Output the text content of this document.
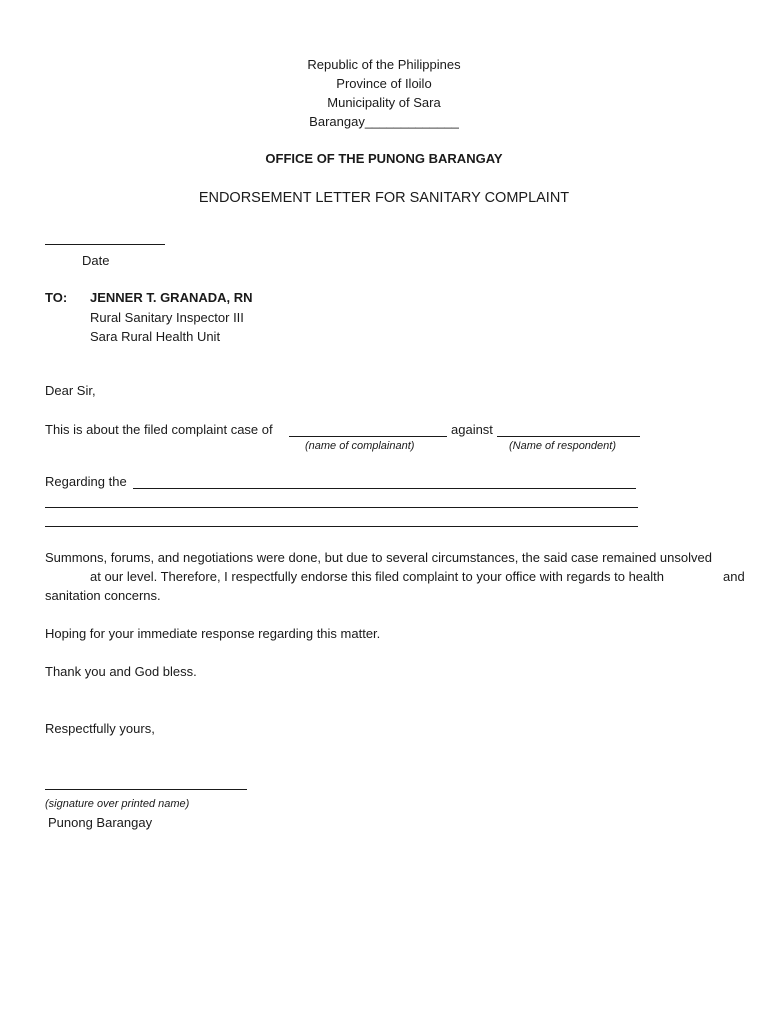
Republic of the Philippines
Province of Iloilo
Municipality of Sara
Barangay_____________
OFFICE OF THE PUNONG BARANGAY
ENDORSEMENT LETTER FOR SANITARY COMPLAINT
Date
TO: JENNER T. GRANADA, RN
Rural Sanitary Inspector III
Sara Rural Health Unit
Dear Sir,
This is about the filed complaint case of	against
(name of complainant)	(Name of respondent)
Regarding the
Summons, forums, and negotiations were done, but due to several circumstances, the said case remained unsolved
at our level. Therefore, I respectfully endorse this filed complaint to your office with regards to health	and
sanitation concerns.
Hoping for your immediate response regarding this matter.
Thank you and God bless.
Respectfully yours,
(signature over printed name)
Punong Barangay
